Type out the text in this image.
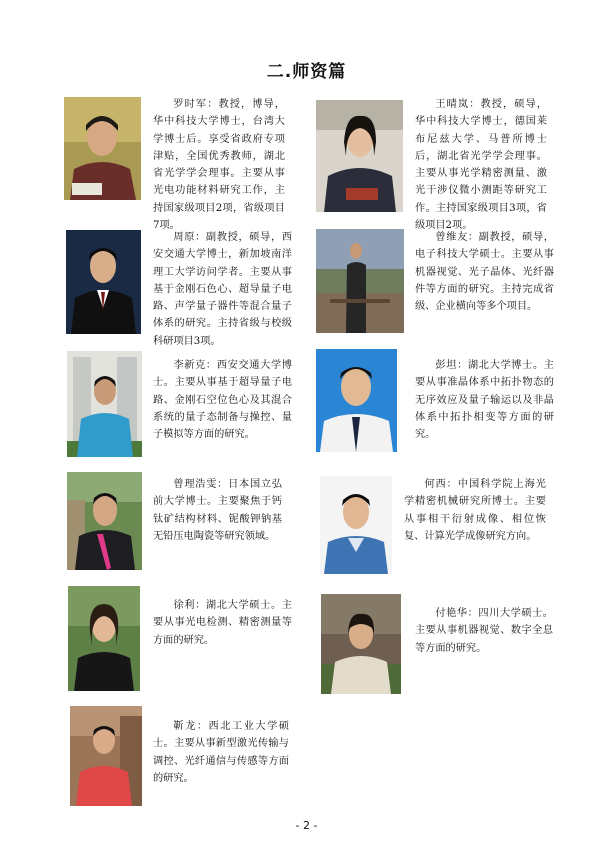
二.师资篇
罗时军：教授，博导，华中科技大学博士，台湾大学博士后。享受省政府专项津贴，全国优秀教师，湖北省光学学会理事。主要从事光电功能材料研究工作，主持国家级项目2项，省级项目7项。
王晴岚：教授，硕导，华中科技大学博士，德国莱布尼兹大学、马普所博士后，湖北省光学学会理事。主要从事光学精密测量、激光干涉仪微小测距等研究工作。主持国家级项目3项，省级项目2项。
周原：副教授，硕导，西安交通大学博士，新加坡南洋理工大学访问学者。主要从事基于金刚石色心、超导量子电路、声学量子器件等混合量子体系的研究。主持省级与校级科研项目3项。
曾维友：副教授，硕导，电子科技大学硕士。主要从事机器视觉、光子晶体、光纤器件等方面的研究。主持完成省级、企业横向等多个项目。
李新克：西安交通大学博士。主要从事基于超导量子电路、金刚石空位色心及其混合系统的量子态制备与操控、量子模拟等方面的研究。
彭坦：湖北大学博士。主要从事准晶体系中拓扑物态的无序效应及量子输运以及非晶体系中拓扑相变等方面的研究。
曾理浩雯：日本国立弘前大学博士。主要聚焦于钙钛矿结构材料、铌酸钾钠基无铅压电陶瓷等研究领域。
何西：中国科学院上海光学精密机械研究所博士。主要从事相干衍射成像、相位恢复、计算光学成像研究方向。
徐利：湖北大学硕士。主要从事光电检测、精密测量等方面的研究。
付艳华：四川大学硕士。主要从事机器视觉、数字全息等方面的研究。
靳龙：西北工业大学硕士。主要从事新型激光传输与调控、光纤通信与传感等方面的研究。
- 2 -
